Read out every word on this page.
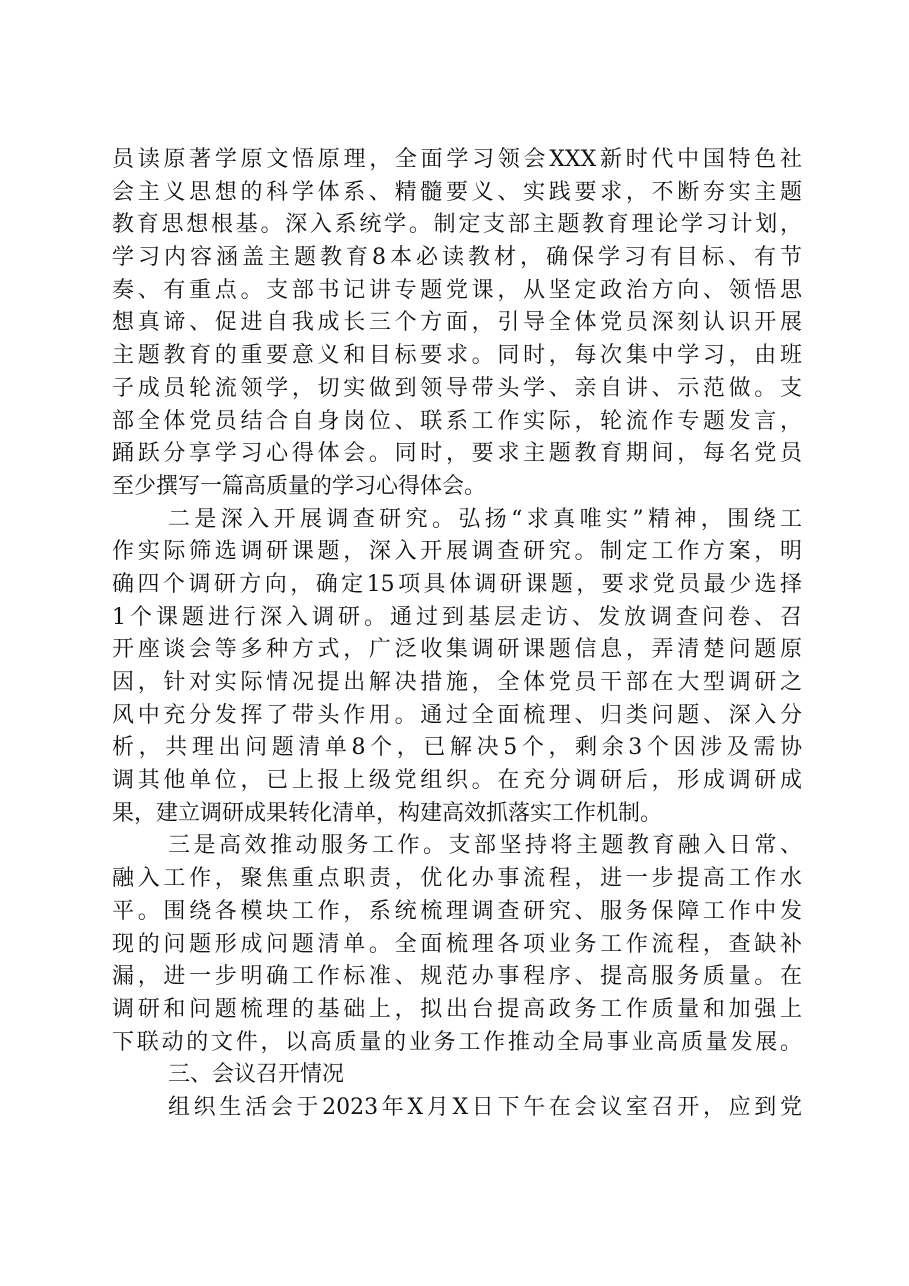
员读原著学原文悟原理，全面学习领会XXX新时代中国特色社
会主义思想的科学体系、精髓要义、实践要求，不断夯实主题
教育思想根基。深入系统学。制定支部主题教育理论学习计划，
学习内容涵盖主题教育8本必读教材，确保学习有目标、有节
奏、有重点。支部书记讲专题党课，从坚定政治方向、领悟思
想真谛、促进自我成长三个方面，引导全体党员深刻认识开展
主题教育的重要意义和目标要求。同时，每次集中学习，由班
子成员轮流领学，切实做到领导带头学、亲自讲、示范做。支
部全体党员结合自身岗位、联系工作实际，轮流作专题发言，
踊跃分享学习心得体会。同时，要求主题教育期间，每名党员
至少撰写一篇高质量的学习心得体会。
二是深入开展调查研究。弘扬“求真唯实”精神，围绕工
作实际筛选调研课题，深入开展调查研究。制定工作方案，明
确四个调研方向，确定15项具体调研课题，要求党员最少选择
1个课题进行深入调研。通过到基层走访、发放调查问卷、召
开座谈会等多种方式，广泛收集调研课题信息，弄清楚问题原
因，针对实际情况提出解决措施，全体党员干部在大型调研之
风中充分发挥了带头作用。通过全面梳理、归类问题、深入分
析，共理出问题清单8个，已解决5个，剩余3个因涉及需协
调其他单位，已上报上级党组织。在充分调研后，形成调研成
果，建立调研成果转化清单，构建高效抓落实工作机制。
三是高效推动服务工作。支部坚持将主题教育融入日常、
融入工作，聚焦重点职责，优化办事流程，进一步提高工作水
平。围绕各模块工作，系统梳理调查研究、服务保障工作中发
现的问题形成问题清单。全面梳理各项业务工作流程，查缺补
漏，进一步明确工作标准、规范办事程序、提高服务质量。在
调研和问题梳理的基础上，拟出台提高政务工作质量和加强上
下联动的文件，以高质量的业务工作推动全局事业高质量发展。
三、会议召开情况
组织生活会于2023年X月X日下午在会议室召开，应到党
